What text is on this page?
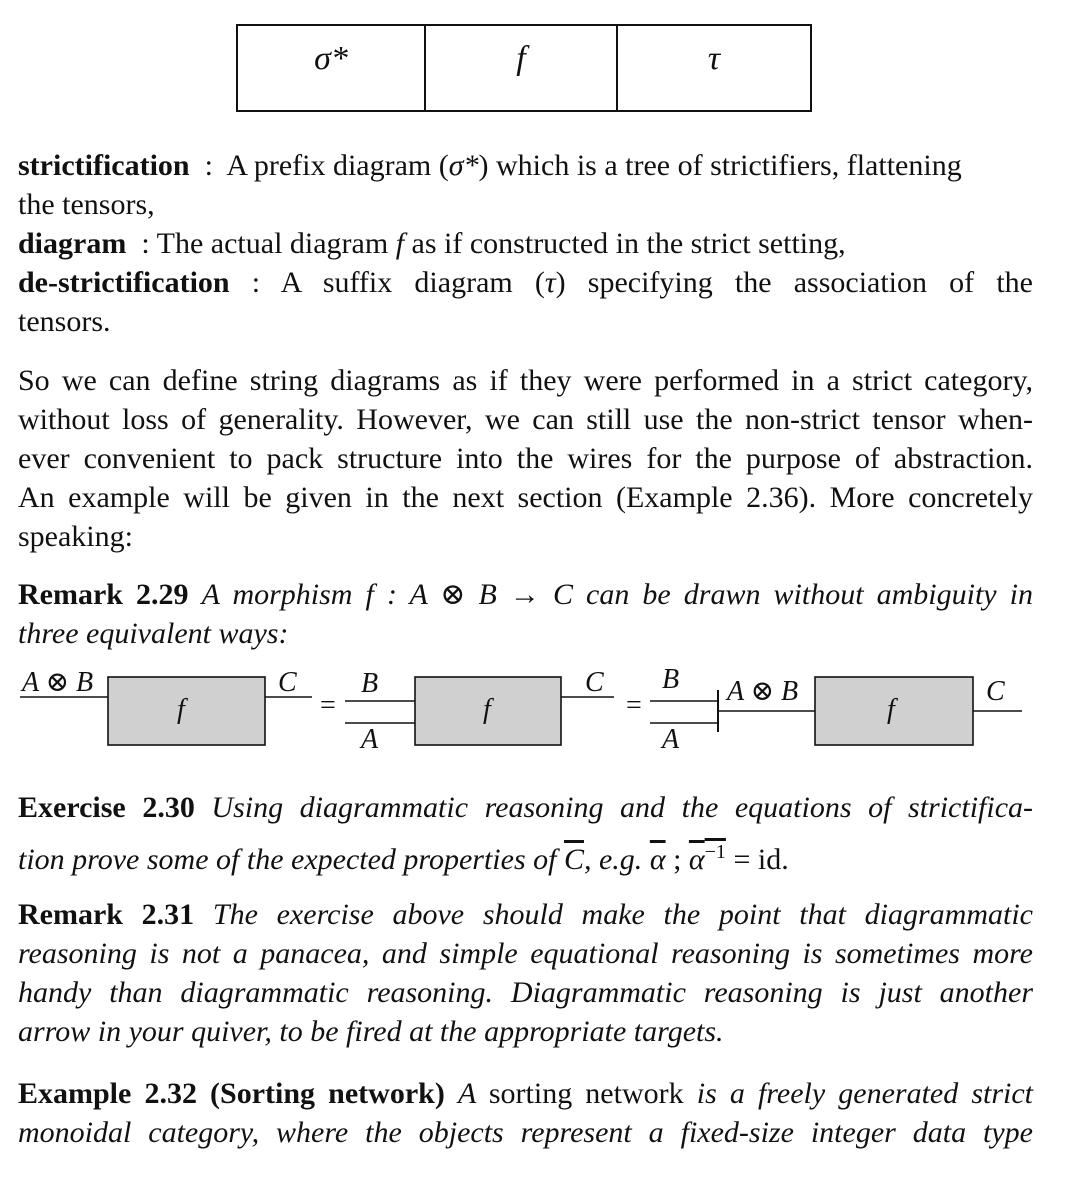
σ*	f	τ
strictification : A prefix diagram (σ*) which is a tree of strictifiers, flattening
the tensors,
diagram : The actual diagram f as if constructed in the strict setting,
de-strictification : A suffix diagram (τ) specifying the association of the
tensors.
So we can define string diagrams as if they were performed in a strict category,
without loss of generality. However, we can still use the non-strict tensor when-
ever convenient to pack structure into the wires for the purpose of abstraction.
An example will be given in the next section (Example 2.36). More concretely
speaking:
Remark 2.29 A morphism f : A ⊗ B → C can be drawn without ambiguity in
three equivalent ways:
A ⊗ B
f
C
=
B
A
f
C
=
B
A
A ⊗ B
f
C
Exercise 2.30 Using diagrammatic reasoning and the equations of strictifica-
tion prove some of the expected properties of $\overline{C}$, e.g. $\overline{\alpha}$ ; $\alpha^{-1}$ = id.
Remark 2.31 The exercise above should make the point that diagrammatic
reasoning is not a panacea, and simple equational reasoning is sometimes more
handy than diagrammatic reasoning. Diagrammatic reasoning is just another
arrow in your quiver, to be fired at the appropriate targets.
Example 2.32 (Sorting network) A sorting network is a freely generated strict
monoidal category, where the objects represent a fixed-size integer data type
